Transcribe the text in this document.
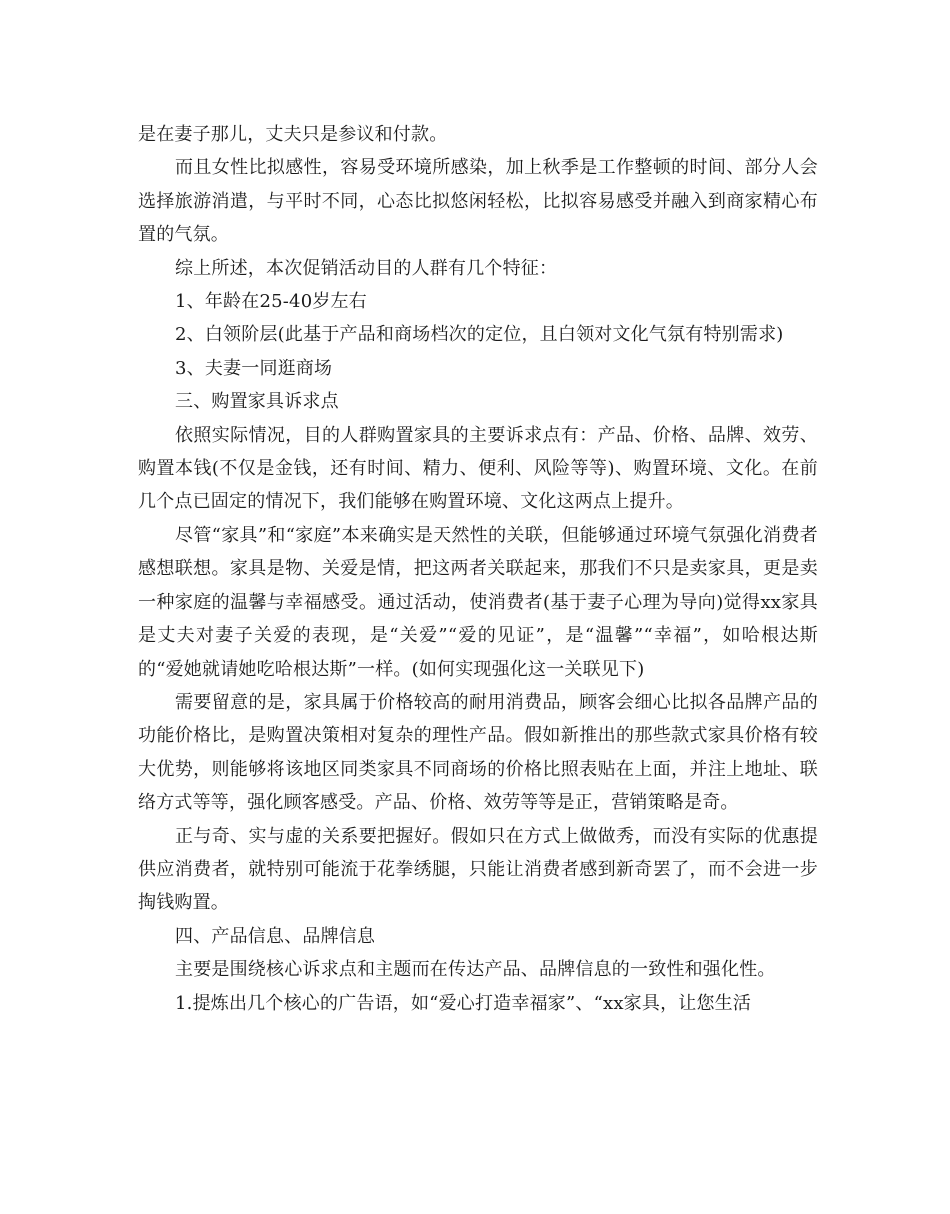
是在妻子那儿，丈夫只是参议和付款。

而且女性比拟感性，容易受环境所感染，加上秋季是工作整顿的时间、部分人会选择旅游消遣，与平时不同，心态比拟悠闲轻松，比拟容易感受并融入到商家精心布置的气氛。

综上所述，本次促销活动目的人群有几个特征：

1、年龄在25-40岁左右

2、白领阶层(此基于产品和商场档次的定位，且白领对文化气氛有特别需求)

3、夫妻一同逛商场

三、购置家具诉求点

依照实际情况，目的人群购置家具的主要诉求点有：产品、价格、品牌、效劳、购置本钱(不仅是金钱，还有时间、精力、便利、风险等等)、购置环境、文化。在前几个点已固定的情况下，我们能够在购置环境、文化这两点上提升。

尽管“家具”和“家庭”本来确实是天然性的关联，但能够通过环境气氛强化消费者感想联想。家具是物、关爱是情，把这两者关联起来，那我们不只是卖家具，更是卖一种家庭的温馨与幸福感受。通过活动，使消费者(基于妻子心理为导向)觉得xx家具是丈夫对妻子关爱的表现，是“关爱”“爱的见证”，是“温馨”“幸福”，如哈根达斯的“爱她就请她吃哈根达斯”一样。(如何实现强化这一关联见下)

需要留意的是，家具属于价格较高的耐用消费品，顾客会细心比拟各品牌产品的功能价格比，是购置决策相对复杂的理性产品。假如新推出的那些款式家具价格有较大优势，则能够将该地区同类家具不同商场的价格比照表贴在上面，并注上地址、联络方式等等，强化顾客感受。产品、价格、效劳等等是正，营销策略是奇。

正与奇、实与虚的关系要把握好。假如只在方式上做做秀，而没有实际的优惠提供应消费者，就特别可能流于花拳绣腿，只能让消费者感到新奇罢了，而不会进一步掏钱购置。

四、产品信息、品牌信息

主要是围绕核心诉求点和主题而在传达产品、品牌信息的一致性和强化性。

1.提炼出几个核心的广告语，如“爱心打造幸福家”、“xx家具，让您生活
